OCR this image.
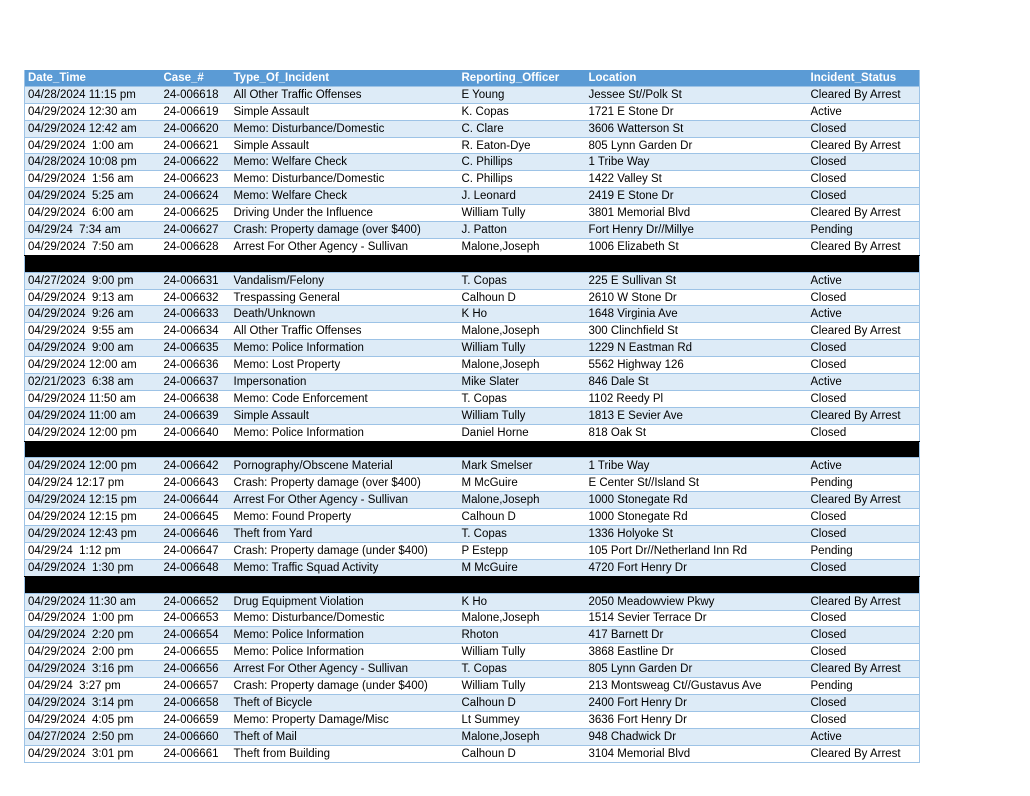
Date_Time	Case_#	Type_Of_Incident	Reporting_Officer	Location	Incident_Status
04/28/2024 11:15 pm	24-006618	All Other Traffic Offenses	E Young	Jessee St//Polk St	Cleared By Arrest
04/29/2024 12:30 am	24-006619	Simple Assault	K. Copas	1721 E Stone Dr	Active
04/29/2024 12:42 am	24-006620	Memo: Disturbance/Domestic	C. Clare	3606 Watterson St	Closed
04/29/2024  1:00 am	24-006621	Simple Assault	R. Eaton-Dye	805 Lynn Garden Dr	Cleared By Arrest
04/28/2024 10:08 pm	24-006622	Memo: Welfare Check	C. Phillips	1 Tribe Way	Closed
04/29/2024  1:56 am	24-006623	Memo: Disturbance/Domestic	C. Phillips	1422 Valley St	Closed
04/29/2024  5:25 am	24-006624	Memo: Welfare Check	J. Leonard	2419 E Stone Dr	Closed
04/29/2024  6:00 am	24-006625	Driving Under the Influence	William Tully	3801 Memorial Blvd	Cleared By Arrest
04/29/24  7:34 am	24-006627	Crash: Property damage (over $400)	J. Patton	Fort Henry Dr//Millye	Pending
04/29/2024  7:50 am	24-006628	Arrest For Other Agency - Sullivan	Malone,Joseph	1006 Elizabeth St	Cleared By Arrest

04/27/2024  9:00 pm	24-006631	Vandalism/Felony	T. Copas	225 E Sullivan St	Active
04/29/2024  9:13 am	24-006632	Trespassing General	Calhoun D	2610 W Stone Dr	Closed
04/29/2024  9:26 am	24-006633	Death/Unknown	K Ho	1648 Virginia Ave	Active
04/29/2024  9:55 am	24-006634	All Other Traffic Offenses	Malone,Joseph	300 Clinchfield St	Cleared By Arrest
04/29/2024  9:00 am	24-006635	Memo: Police Information	William Tully	1229 N Eastman Rd	Closed
04/29/2024 12:00 am	24-006636	Memo: Lost Property	Malone,Joseph	5562 Highway 126	Closed
02/21/2023  6:38 am	24-006637	Impersonation	Mike Slater	846 Dale St	Active
04/29/2024 11:50 am	24-006638	Memo: Code Enforcement	T. Copas	1102 Reedy Pl	Closed
04/29/2024 11:00 am	24-006639	Simple Assault	William Tully	1813 E Sevier Ave	Cleared By Arrest
04/29/2024 12:00 pm	24-006640	Memo: Police Information	Daniel Horne	818 Oak St	Closed

04/29/2024 12:00 pm	24-006642	Pornography/Obscene Material	Mark Smelser	1 Tribe Way	Active
04/29/24 12:17 pm	24-006643	Crash: Property damage (over $400)	M McGuire	E Center St//Island St	Pending
04/29/2024 12:15 pm	24-006644	Arrest For Other Agency - Sullivan	Malone,Joseph	1000 Stonegate Rd	Cleared By Arrest
04/29/2024 12:15 pm	24-006645	Memo: Found Property	Calhoun D	1000 Stonegate Rd	Closed
04/29/2024 12:43 pm	24-006646	Theft from Yard	T. Copas	1336 Holyoke St	Closed
04/29/24  1:12 pm	24-006647	Crash: Property damage (under $400)	P Estepp	105 Port Dr//Netherland Inn Rd	Pending
04/29/2024  1:30 pm	24-006648	Memo: Traffic Squad Activity	M McGuire	4720 Fort Henry Dr	Closed

04/29/2024 11:30 am	24-006652	Drug Equipment Violation	K Ho	2050 Meadowview Pkwy	Cleared By Arrest
04/29/2024  1:00 pm	24-006653	Memo: Disturbance/Domestic	Malone,Joseph	1514 Sevier Terrace Dr	Closed
04/29/2024  2:20 pm	24-006654	Memo: Police Information	Rhoton	417 Barnett Dr	Closed
04/29/2024  2:00 pm	24-006655	Memo: Police Information	William Tully	3868 Eastline Dr	Closed
04/29/2024  3:16 pm	24-006656	Arrest For Other Agency - Sullivan	T. Copas	805 Lynn Garden Dr	Cleared By Arrest
04/29/24  3:27 pm	24-006657	Crash: Property damage (under $400)	William Tully	213 Montsweag Ct//Gustavus Ave	Pending
04/29/2024  3:14 pm	24-006658	Theft of Bicycle	Calhoun D	2400 Fort Henry Dr	Closed
04/29/2024  4:05 pm	24-006659	Memo: Property Damage/Misc	Lt Summey	3636 Fort Henry Dr	Closed
04/27/2024  2:50 pm	24-006660	Theft of Mail	Malone,Joseph	948 Chadwick Dr	Active
04/29/2024  3:01 pm	24-006661	Theft from Building	Calhoun D	3104 Memorial Blvd	Cleared By Arrest
